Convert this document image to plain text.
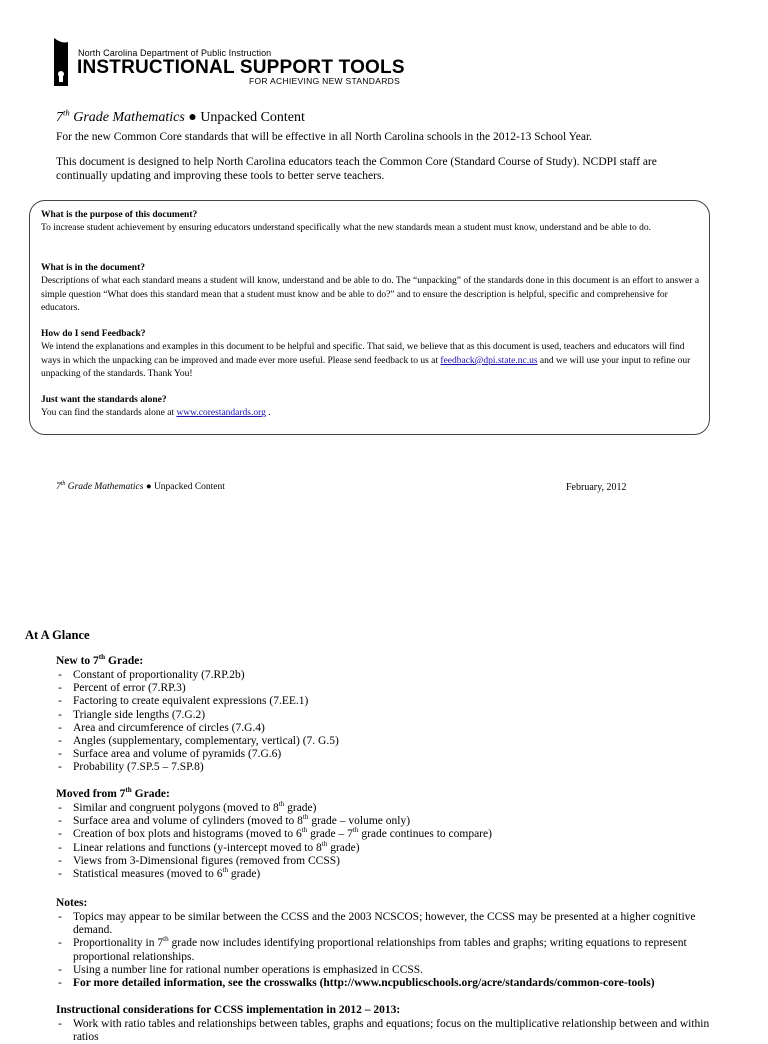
North Carolina Department of Public Instruction
INSTRUCTIONAL SUPPORT TOOLS
FOR ACHIEVING NEW STANDARDS
7th Grade Mathematics ● Unpacked Content
For the new Common Core standards that will be effective in all North Carolina schools in the 2012-13 School Year.
This document is designed to help North Carolina educators teach the Common Core (Standard Course of Study). NCDPI staff are continually updating and improving these tools to better serve teachers.
What is the purpose of this document?
To increase student achievement by ensuring educators understand specifically what the new standards mean a student must know, understand and be able to do.
What is in the document?
Descriptions of what each standard means a student will know, understand and be able to do. The “unpacking” of the standards done in this document is an effort to answer a simple question “What does this standard mean that a student must know and be able to do?” and to ensure the description is helpful, specific and comprehensive for educators.
How do I send Feedback?
We intend the explanations and examples in this document to be helpful and specific. That said, we believe that as this document is used, teachers and educators will find ways in which the unpacking can be improved and made ever more useful. Please send feedback to us at feedback@dpi.state.nc.us and we will use your input to refine our unpacking of the standards. Thank You!
Just want the standards alone?
You can find the standards alone at www.corestandards.org .
7th Grade Mathematics ● Unpacked Content	February, 2012
At A Glance
New to 7th Grade:
- Constant of proportionality (7.RP.2b)
- Percent of error (7.RP.3)
- Factoring to create equivalent expressions (7.EE.1)
- Triangle side lengths (7.G.2)
- Area and circumference of circles (7.G.4)
- Angles (supplementary, complementary, vertical) (7. G.5)
- Surface area and volume of pyramids (7.G.6)
- Probability (7.SP.5 – 7.SP.8)
Moved from 7th Grade:
- Similar and congruent polygons (moved to 8th grade)
- Surface area and volume of cylinders (moved to 8th grade – volume only)
- Creation of box plots and histograms (moved to 6th grade – 7th grade continues to compare)
- Linear relations and functions (y-intercept moved to 8th grade)
- Views from 3-Dimensional figures (removed from CCSS)
- Statistical measures (moved to 6th grade)
Notes:
- Topics may appear to be similar between the CCSS and the 2003 NCSCOS; however, the CCSS may be presented at a higher cognitive demand.
- Proportionality in 7th grade now includes identifying proportional relationships from tables and graphs; writing equations to represent proportional relationships.
- Using a number line for rational number operations is emphasized in CCSS.
- For more detailed information, see the crosswalks (http://www.ncpublicschools.org/acre/standards/common-core-tools)
Instructional considerations for CCSS implementation in 2012 – 2013:
- Work with ratio tables and relationships between tables, graphs and equations; focus on the multiplicative relationship between and within ratios
